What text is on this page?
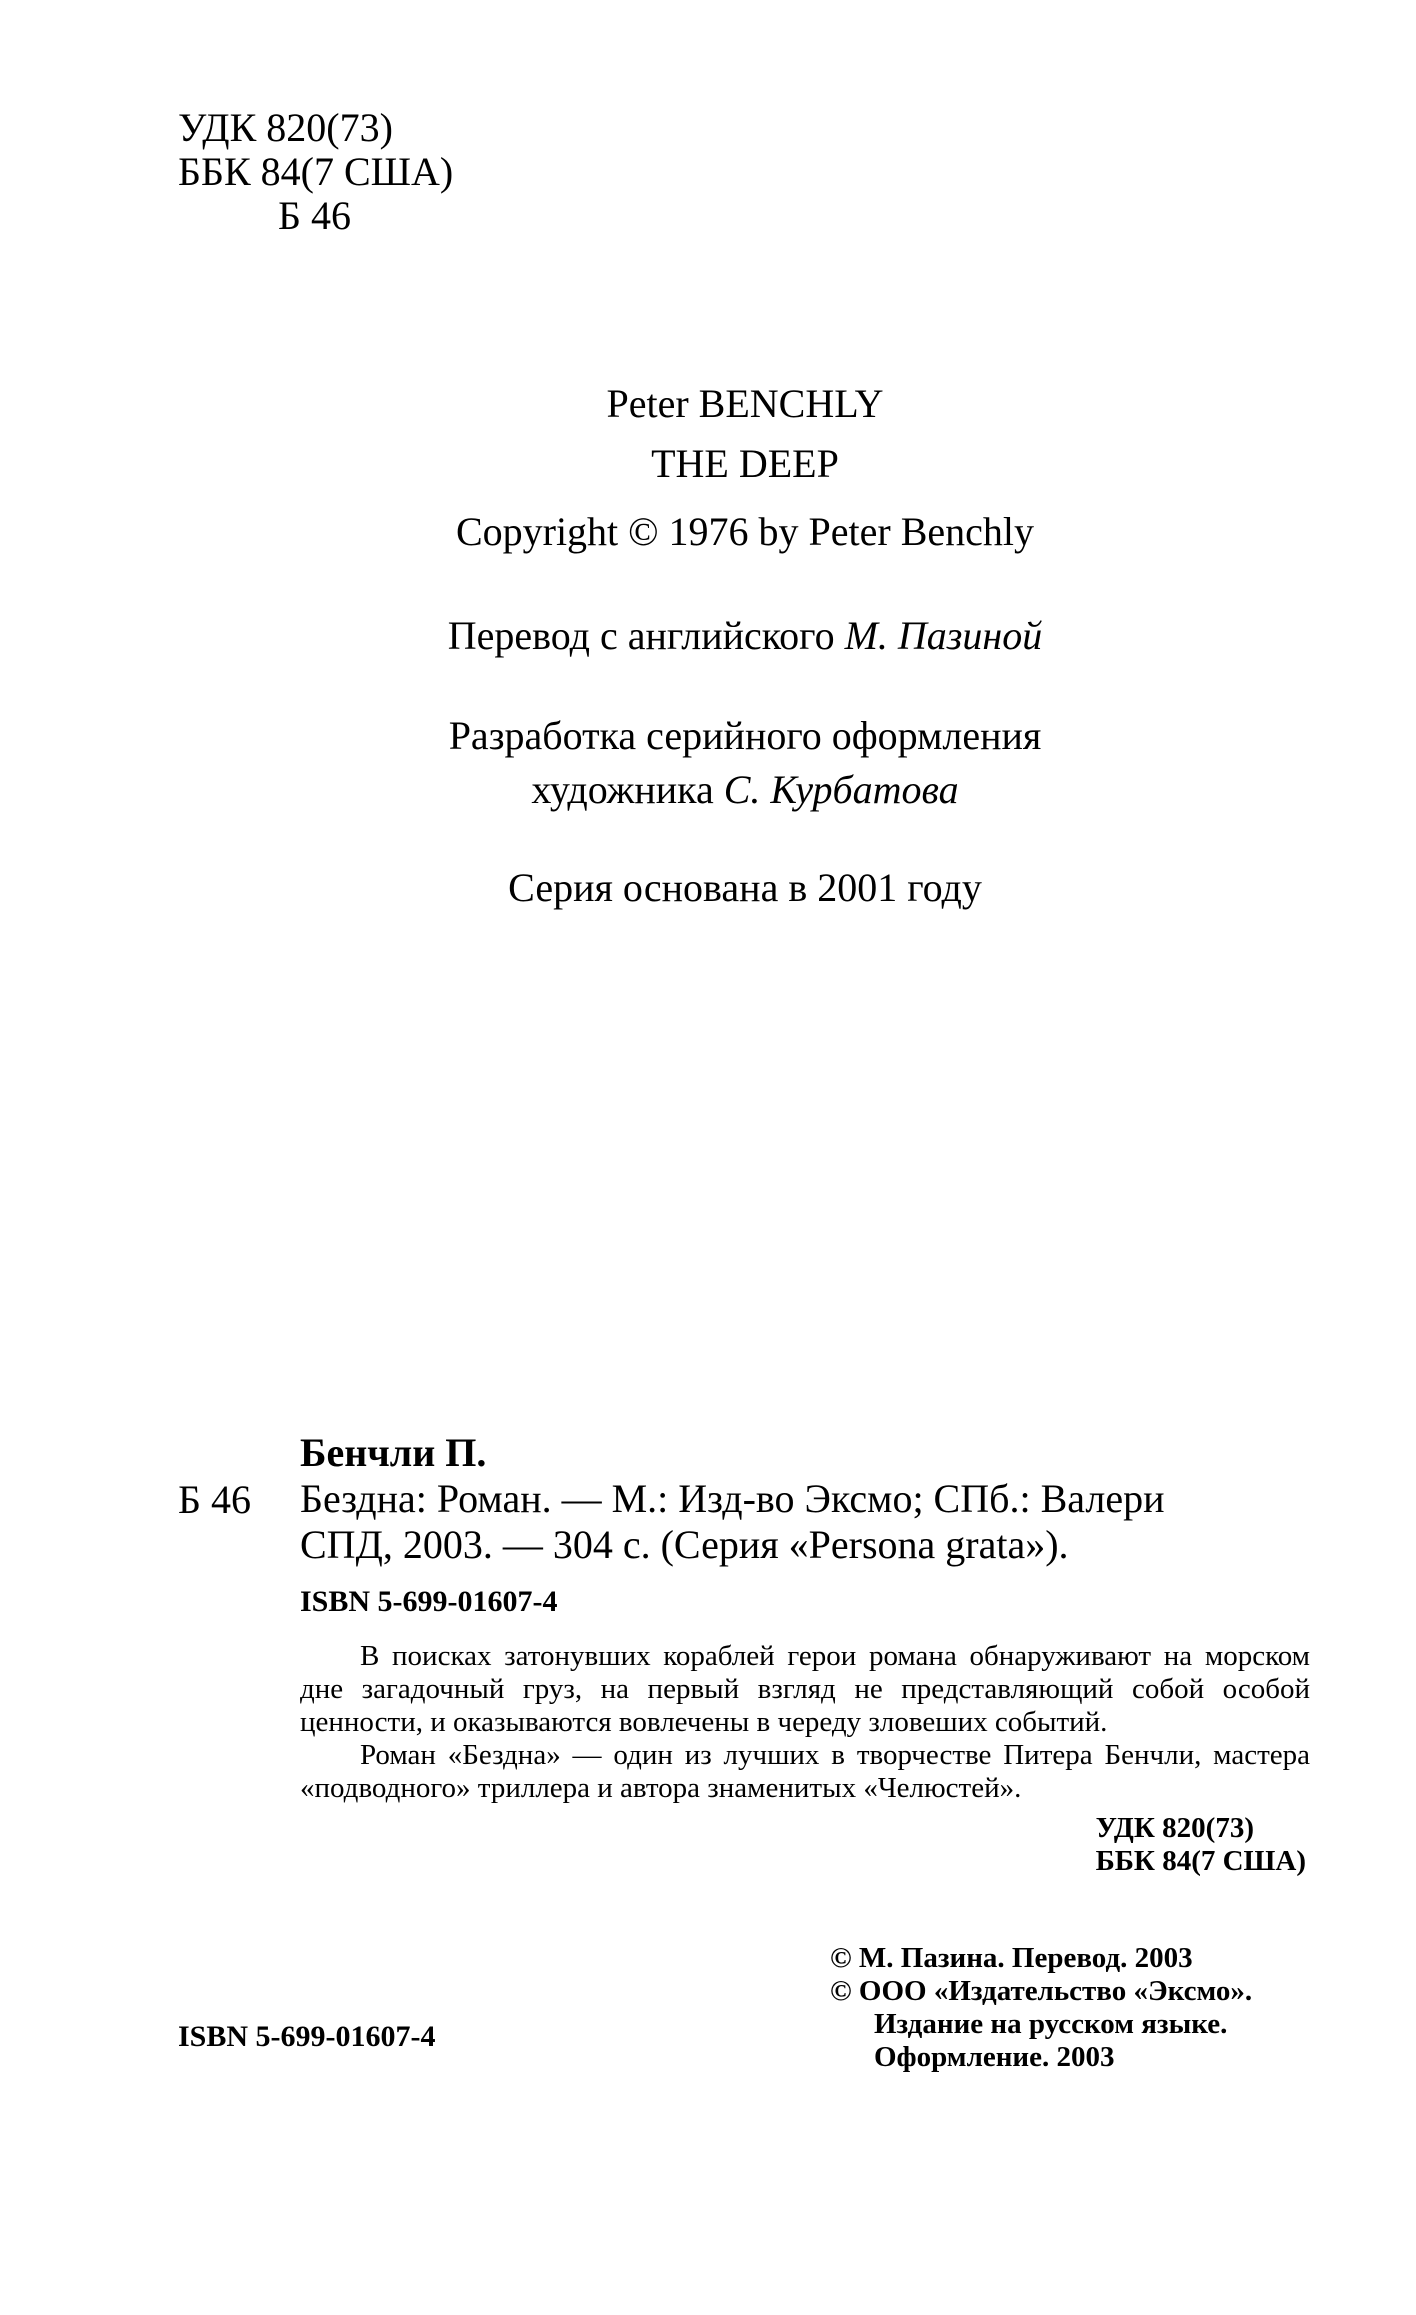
УДК 820(73)
ББК 84(7 США)
Б 46
Peter BENCHLY
THE DEEP
Copyright © 1976 by Peter Benchly
Перевод с английского М. Пазиной
Разработка серийного оформления
художника С. Курбатова
Серия основана в 2001 году
Б 46
Бенчли П.
Бездна: Роман. — М.: Изд-во Эксмо; СПб.: Валери
СПД, 2003. — 304 с. (Серия «Persona grata»).
ISBN 5-699-01607-4

В поисках затонувших кораблей герои романа обнаруживают на морском дне загадочный груз, на первый взгляд не представляющий собой особой ценности, и оказываются вовлечены в череду зловеших событий.

Роман «Бездна» — один из лучших в творчестве Питера Бенчли, мастера «подводного» триллера и автора знаменитых «Челюстей».

УДК 820(73)
ББК 84(7 США)
© М. Пазина. Перевод. 2003
© ООО «Издательство «Эксмо».
Издание на русском языке.
Оформление. 2003
ISBN 5-699-01607-4
